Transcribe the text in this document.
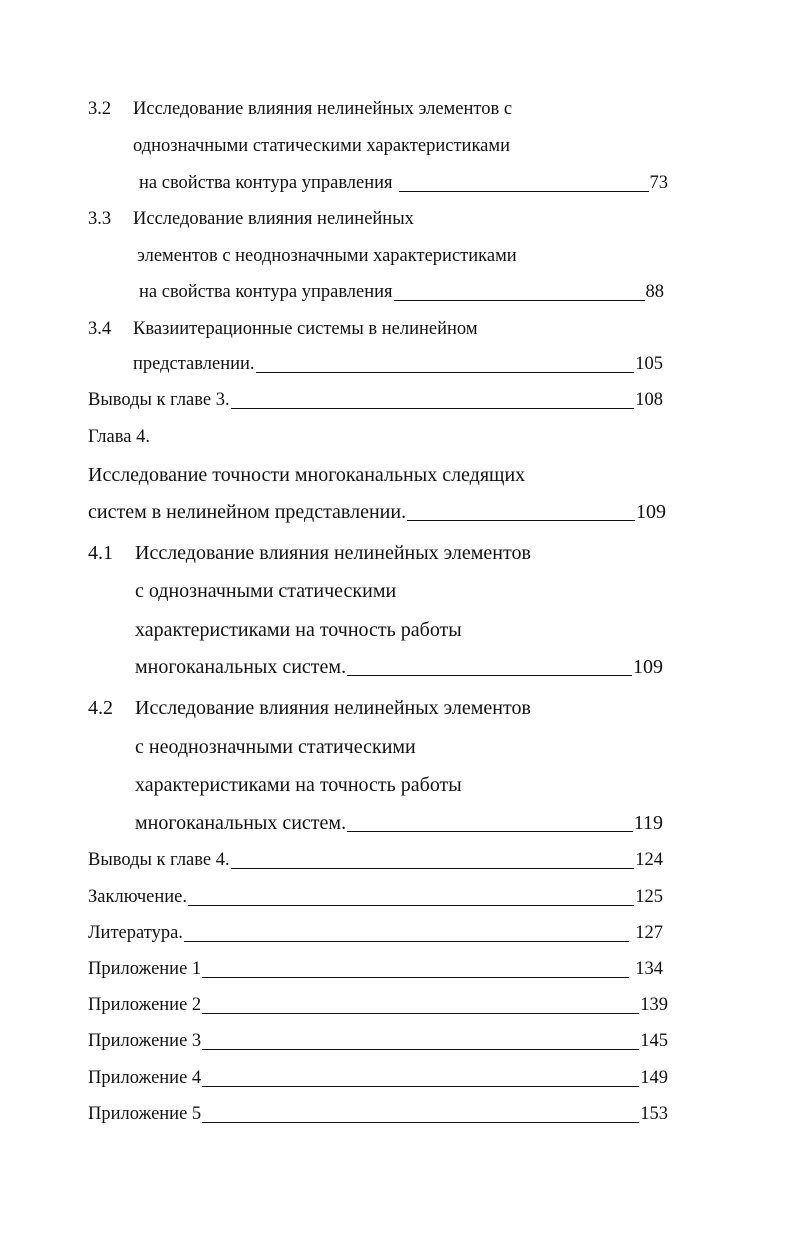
3.2 Исследование влияния нелинейных элементов с
однозначными статическими характеристиками
на свойства контура управления	73
3.3 Исследование влияния нелинейных
элементов с неоднозначными характеристиками
на свойства контура управления	88
3.4 Квазиитерационные системы в нелинейном
представлении.	105
Выводы к главе 3.	108
Глава 4.
Исследование точности многоканальных следящих
систем в нелинейном представлении.	109
4.1 Исследование влияния нелинейных элементов
с однозначными статическими
характеристиками на точность работы
многоканальных систем.	109
4.2 Исследование влияния нелинейных элементов
с неоднозначными статическими
характеристиками на точность работы
многоканальных систем.	119
Выводы к главе 4.	124
Заключение.	125
Литература.	127
Приложение 1	134
Приложение 2	139
Приложение 3	145
Приложение 4	149
Приложение 5	153
